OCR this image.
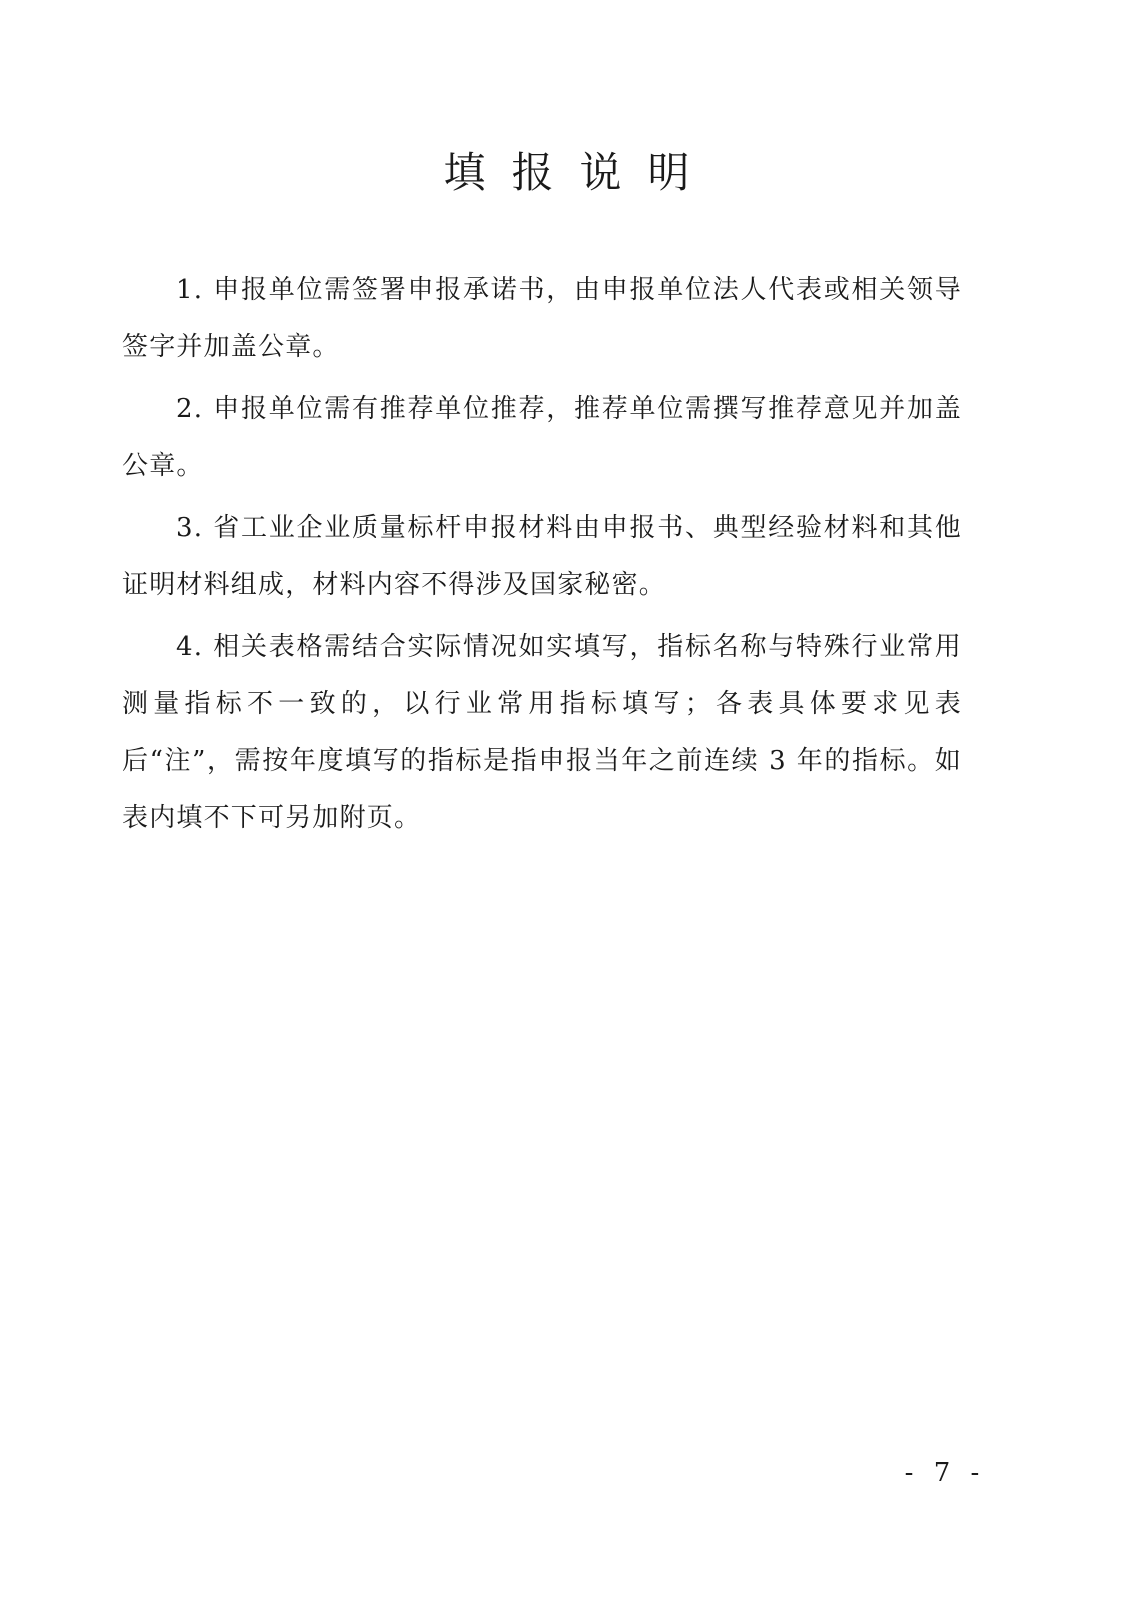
填报说明

1. 申报单位需签署申报承诺书，由申报单位法人代表或相关领导签字并加盖公章。

2. 申报单位需有推荐单位推荐，推荐单位需撰写推荐意见并加盖公章。

3. 省工业企业质量标杆申报材料由申报书、典型经验材料和其他证明材料组成，材料内容不得涉及国家秘密。

4. 相关表格需结合实际情况如实填写，指标名称与特殊行业常用测量指标不一致的，以行业常用指标填写；各表具体要求见表后“注”，需按年度填写的指标是指申报当年之前连续 3 年的指标。如表内填不下可另加附页。

- 7 -
